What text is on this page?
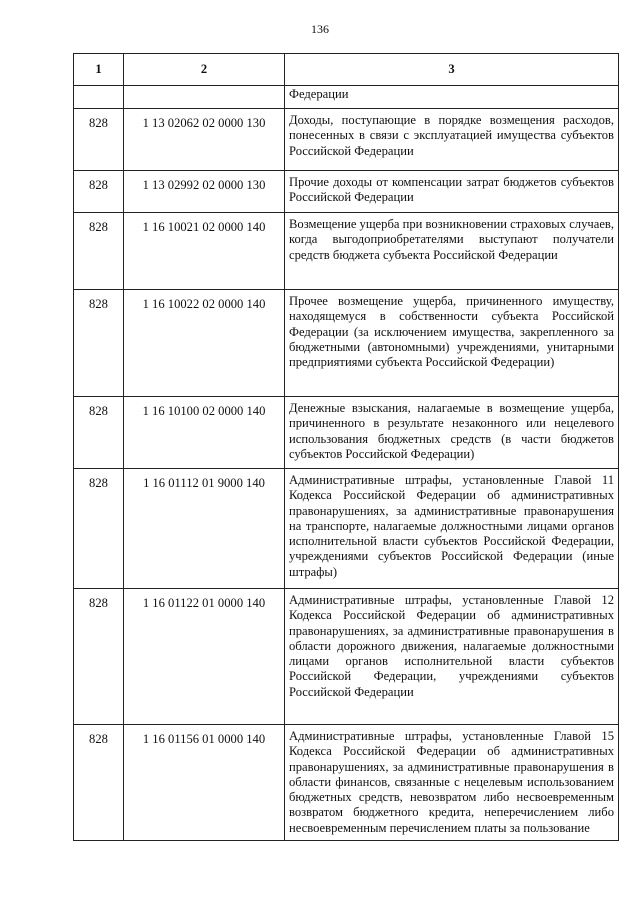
136
1	2	3
		Федерации
828	1 13 02062 02 0000 130	Доходы, поступающие в порядке возмещения расходов, понесенных в связи с эксплуатацией имущества субъектов Российской Федерации
828	1 13 02992 02 0000 130	Прочие доходы от компенсации затрат бюджетов субъектов Российской Федерации
828	1 16 10021 02 0000 140	Возмещение ущерба при возникновении страховых случаев, когда выгодоприобретателями выступают получатели средств бюджета субъекта Российской Федерации
828	1 16 10022 02 0000 140	Прочее возмещение ущерба, причиненного имуществу, находящемуся в собственности субъекта Российской Федерации (за исключением имущества, закрепленного за бюджетными (автономными) учреждениями, унитарными предприятиями субъекта Российской Федерации)
828	1 16 10100 02 0000 140	Денежные взыскания, налагаемые в возмещение ущерба, причиненного в результате незаконного или нецелевого использования бюджетных средств (в части бюджетов субъектов Российской Федерации)
828	1 16 01112 01 9000 140	Административные штрафы, установленные Главой 11 Кодекса Российской Федерации об административных правонарушениях, за административные правонарушения на транспорте, налагаемые должностными лицами органов исполнительной власти субъектов Российской Федерации, учреждениями субъектов Российской Федерации (иные штрафы)
828	1 16 01122 01 0000 140	Административные штрафы, установленные Главой 12 Кодекса Российской Федерации об административных правонарушениях, за административные правонарушения в области дорожного движения, налагаемые должностными лицами органов исполнительной власти субъектов Российской Федерации, учреждениями субъектов Российской Федерации
828	1 16 01156 01 0000 140	Административные штрафы, установленные Главой 15 Кодекса Российской Федерации об административных правонарушениях, за административные правонарушения в области финансов, связанные с нецелевым использованием бюджетных средств, невозвратом либо несвоевременным возвратом бюджетного кредита, неперечислением либо несвоевременным перечислением платы за пользование
